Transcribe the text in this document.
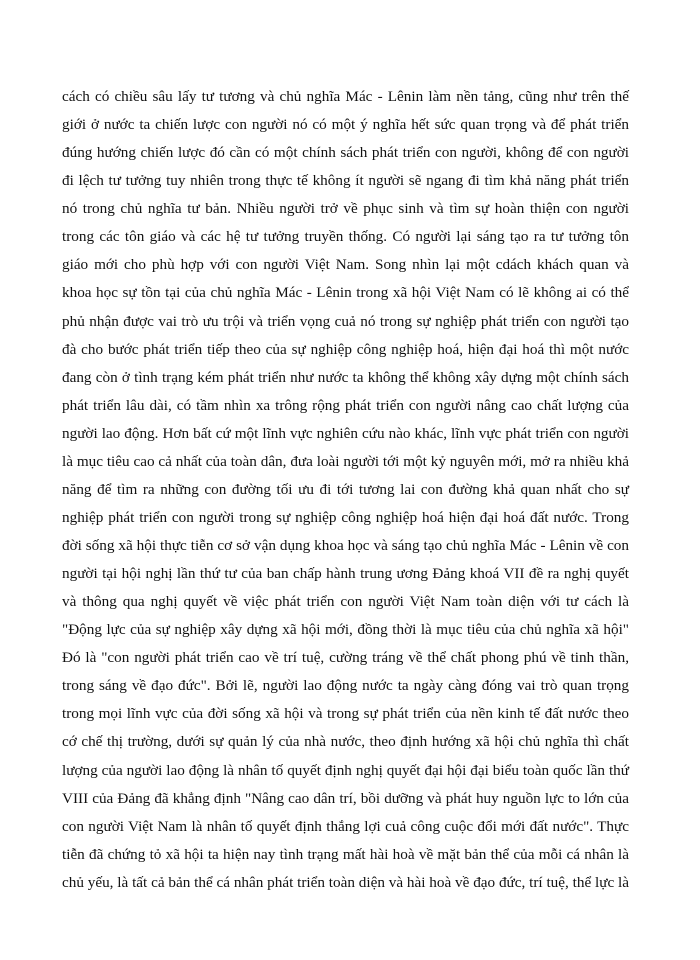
cách có chiều sâu lấy tư tương và chủ nghĩa Mác - Lênin làm nền tảng, cũng như trên thế
giới ở nước ta chiến lược con người nó có một ý nghĩa hết sức quan trọng và để phát triển
đúng hướng chiến lược đó cần có một chính sách phát triển con người, không để con người
đi lệch tư tưởng tuy nhiên trong thực tế không ít người sẽ ngang đi tìm khả năng phát triển
nó trong chủ nghĩa tư bản. Nhiều người trở về phục sinh và tìm sự hoàn thiện con người
trong các tôn giáo và các hệ tư tưởng truyền thống. Có người lại sáng tạo ra tư tưởng tôn
giáo mới cho phù hợp với con người Việt Nam. Song nhìn lại một cdách khách quan và
khoa học sự tồn tại của chủ nghĩa Mác - Lênin trong xã hội Việt Nam có lẽ không ai có thể
phủ nhận được vai trò ưu trội và triển vọng cuả nó trong sự nghiệp phát triển con người tạo
đà cho bước phát triển tiếp theo của sự nghiệp công nghiệp hoá, hiện đại hoá thì một nước
đang còn ở tình trạng kém phát triển như nước ta không thể không xây dựng một chính sách
phát triển lâu dài, có tầm nhìn xa trông rộng phát triển con người nâng cao chất lượng của
người lao động. Hơn bất cứ một lĩnh vực nghiên cứu nào khác, lĩnh vực phát triển con người
là mục tiêu cao cả nhất của toàn dân, đưa loài người tới một kỷ nguyên mới, mở ra nhiều khả
năng để tìm ra những con đường tối ưu đi tới tương lai con đường khả quan nhất cho sự
nghiệp phát triển con người trong sự nghiệp công nghiệp hoá hiện đại hoá đất nước. Trong
đời sống xã hội thực tiễn cơ sở vận dụng khoa học và sáng tạo chủ nghĩa Mác - Lênin về con
người tại hội nghị lần thứ tư của ban chấp hành trung ương Đảng khoá VII đề ra nghị quyết
và thông qua nghị quyết về việc phát triển con người Việt Nam toàn diện với tư cách là
"Động lực của sự nghiệp xây dựng xã hội mới, đồng thời là mục tiêu của chủ nghĩa xã hội"
Đó là "con người phát triển cao về trí tuệ, cường tráng về thể chất phong phú về tinh thần,
trong sáng về đạo đức". Bởi lẽ, người lao động nước ta ngày càng đóng vai trò quan trọng
trong mọi lĩnh vực của đời sống xã hội và trong sự phát triển của nền kinh tế đất nước theo
cớ chế thị trường, dưới sự quản lý của nhà nước, theo định hướng xã hội chủ nghĩa thì chất
lượng của người lao động là nhân tố quyết định nghị quyết đại hội đại biểu toàn quốc lần thứ
VIII của Đảng đã khẳng định "Nâng cao dân trí, bồi dưỡng và phát huy nguồn lực to lớn của
con người Việt Nam là nhân tố quyết định thắng lợi cuả công cuộc đổi mới đất nước". Thực
tiễn đã chứng tỏ xã hội ta hiện nay tình trạng mất hài hoà về mặt bản thể của mỗi cá nhân là
chủ yếu, là tất cả bản thể cá nhân phát triển toàn diện và hài hoà về đạo đức, trí tuệ, thể lực là
